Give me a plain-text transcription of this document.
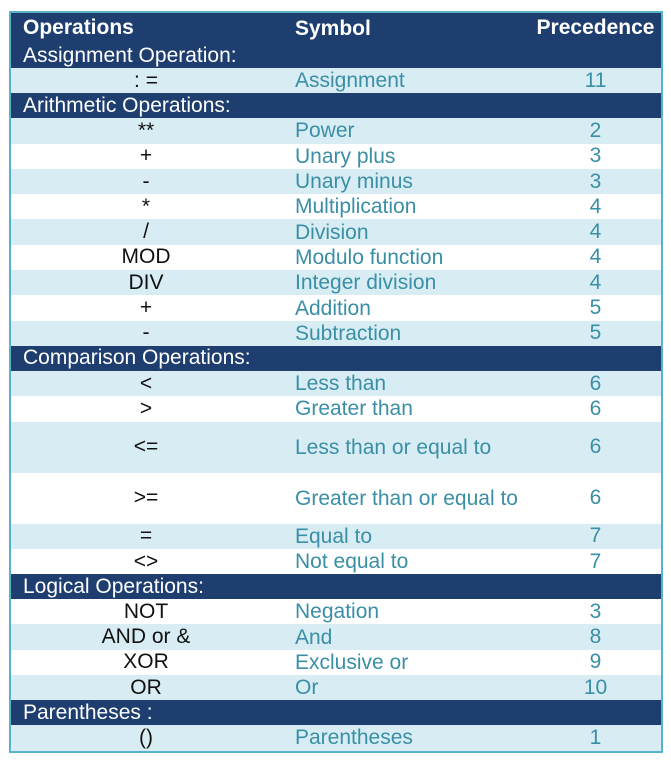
Operations	Symbol	Precedence
Assignment Operation:
: =	Assignment	11
Arithmetic Operations:
**	Power	2
+	Unary plus	3
-	Unary minus	3
*	Multiplication	4
/	Division	4
MOD	Modulo function	4
DIV	Integer division	4
+	Addition	5
-	Subtraction	5
Comparison Operations:
<	Less than	6
>	Greater than	6
<=	Less than or equal to	6
>=	Greater than or equal to	6
=	Equal to	7
<>	Not equal to	7
Logical Operations:
NOT	Negation	3
AND or &	And	8
XOR	Exclusive or	9
OR	Or	10
Parentheses :
()	Parentheses	1
